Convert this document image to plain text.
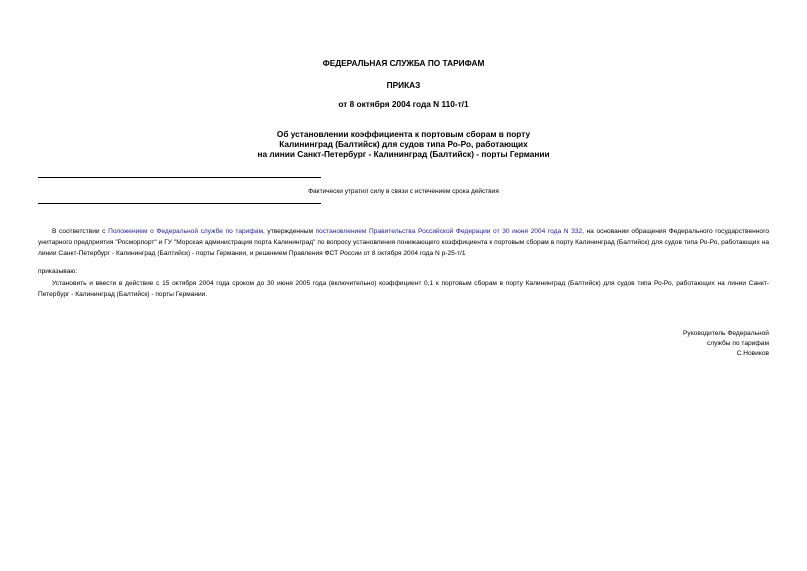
ФЕДЕРАЛЬНАЯ СЛУЖБА ПО ТАРИФАМ

ПРИКАЗ

от 8 октября 2004 года N 110-т/1

Об установлении коэффициента к портовым сборам в порту
Калининград (Балтийск) для судов типа Ро-Ро, работающих
на линии Санкт-Петербург - Калининград (Балтийск) - порты Германии

Фактически утратил силу в связи с истечением срока действия

В соответствии с Положением о Федеральной службе по тарифам, утвержденным постановлением Правительства Российской Федерации от 30 июня 2004 года N 332, на основании обращения Федерального государственного унитарного предприятия "Росморпорт" и ГУ "Морская администрация порта Калининград" по вопросу установления понижающего коэффициента к портовым сборам в порту Калининград (Балтийск) для судов типа Ро-Ро, работающих на линии Санкт-Петербург - Калининград (Балтийск) - порты Германии, и решением Правления ФСТ России от 8 октября 2004 года N р-25-т/1

приказываю:

Установить и ввести в действие с 15 октября 2004 года сроком до 30 июня 2005 года (включительно) коэффициент 0,1 к портовым сборам в порту Калининград (Балтийск) для судов типа Ро-Ро, работающих на линии Санкт-Петербург - Калининград (Балтийск) - порты Германии.

Руководитель Федеральной
службы по тарифам
С.Новиков
